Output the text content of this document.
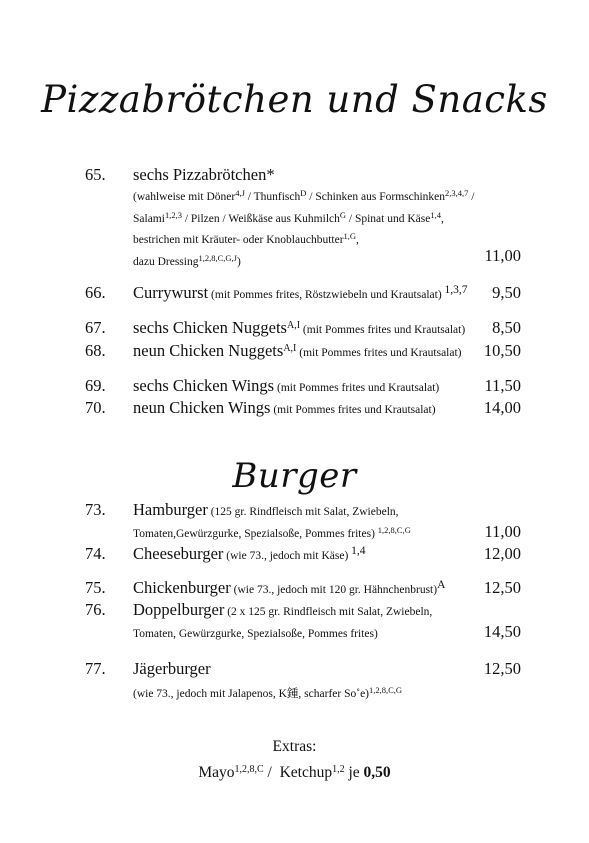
Pizzabrötchen und Snacks
65. sechs Pizzabrötchen*
(wahlweise mit Döner$^{4,J}$ / Thunfisch$^D$ / Schinken aus Formschinken$^{2,3,4,7}$ /
Salami$^{1,2,3}$ / Pilzen / Weißkäse aus Kuhmilch$^G$ / Spinat und Käse$^{1,4}$,
bestrichen mit Kräuter- oder Knoblauchbutter$^{1,G}$,
dazu Dressing$^{1,2,8,C,G,J}$)	11,00
66. Currywurst (mit Pommes frites, Röstzwiebeln und Krautsalat) $^{1,3,7}$ 9,50
67. sechs Chicken Nuggets$^{A,I}$ (mit Pommes frites und Krautsalat) 8,50
68. neun Chicken Nuggets$^{A,I}$ (mit Pommes frites und Krautsalat) 10,50
69. sechs Chicken Wings (mit Pommes frites und Krautsalat)	11,50
70. neun Chicken Wings (mit Pommes frites und Krautsalat)	14,00
Burger
73. Hamburger (125 gr. Rindfleisch mit Salat, Zwiebeln,
Tomaten,Gewürzgurke, Spezialsoße, Pommes frites) $^{1,2,8,C,G}$	11,00
74. Cheeseburger (wie 73., jedoch mit Käse) $^{1,4}$	12,00
75. Chickenburger (wie 73., jedoch mit 120 gr. Hähnchenbrust)$^A$ 12,50
76. Doppelburger (2 x 125 gr. Rindfleisch mit Salat, Zwiebeln,
Tomaten, Gewürzgurke, Spezialsoße, Pommes frites)	14,50
77. Jägerburger	12,50
(wie 73., jedoch mit Jalapenos, K鍾, scharfer So˚e)$^{1,2,8,C,G}$
Extras:
Mayo$^{1,2,8,C}$ /  Ketchup$^{1,2}$ je 0,50
